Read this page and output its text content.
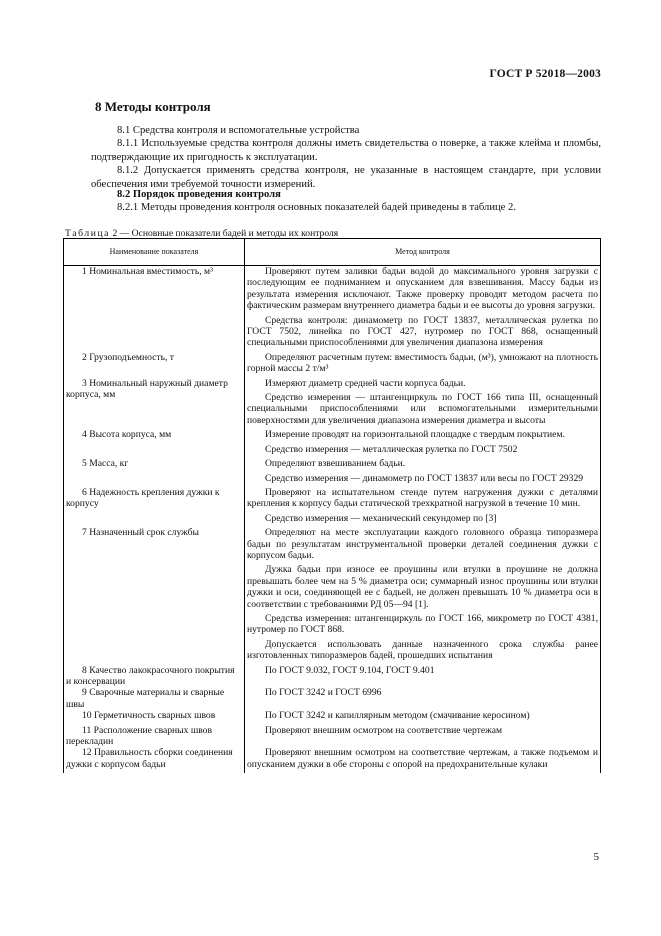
ГОСТ Р 52018—2003
8 Методы контроля
8.1 Средства контроля и вспомогательные устройства
8.1.1 Используемые средства контроля должны иметь свидетельства о поверке, а также клейма и пломбы, подтверждающие их пригодность к эксплуатации.
8.1.2 Допускается применять средства контроля, не указанные в настоящем стандарте, при условии обеспечения ими требуемой точности измерений.
8.2 Порядок проведения контроля
8.2.1 Методы проведения контроля основных показателей бадей приведены в таблице 2.
Таблица 2 — Основные показатели бадей и методы их контроля
Наименование показателя	Метод контроля

1 Номинальная вместимость, м³	Проверяют путем заливки бадьи водой до максимального уровня загрузки с последующим ее подниманием и опусканием для взвешивания. Массу бадьи из результата измерения исключают. Также проверку проводят методом расчета по фактическим размерам внутреннего диаметра бадьи и ее высоты до уровня загрузки.
Средства контроля: динамометр по ГОСТ 13837, металлическая рулетка по ГОСТ 7502, линейка по ГОСТ 427, нутромер по ГОСТ 868, оснащенный специальными приспособлениями для увеличения диапазона измерения

2 Грузоподъемность, т	Определяют расчетным путем: вместимость бадьи, (м³), умножают на плотность горной массы 2 т/м³

3 Номинальный наружный диаметр корпуса, мм	Измеряют диаметр средней части корпуса бадьи.
Средство измерения — штангенциркуль по ГОСТ 166 типа III, оснащенный специальными приспособлениями или вспомогательными измерительными поверхностями для увеличения диапазона измерения диаметра и высоты

4 Высота корпуса, мм	Измерение проводят на горизонтальной площадке с твердым покрытием.
Средство измерения — металлическая рулетка по ГОСТ 7502

5 Масса, кг	Определяют взвешиванием бадьи.
Средство измерения — динамометр по ГОСТ 13837 или весы по ГОСТ 29329

6 Надежность крепления дужки к корпусу	Проверяют на испытательном стенде путем нагружения дужки с деталями крепления к корпусу бадьи статической трехкратной нагрузкой в течение 10 мин.
Средство измерения — механический секундомер по [3]

7 Назначенный срок службы	Определяют на месте эксплуатации каждого головного образца типоразмера бадьи по результатам инструментальной проверки деталей соединения дужки с корпусом бадьи.
Дужка бадьи при износе ее проушины или втулки в проушине не должна превышать более чем на 5 % диаметра оси; суммарный износ проушины или втулки дужки и оси, соединяющей ее с бадьей, не должен превышать 10 % диаметра оси в соответствии с требованиями РД 05—94 [1].
Средства измерения: штангенциркуль по ГОСТ 166, микрометр по ГОСТ 4381, нутромер по ГОСТ 868.
Допускается использовать данные назначенного срока службы ранее изготовленных типоразмеров бадей, прошедших испытания

8 Качество лакокрасочного покрытия и консервации	По ГОСТ 9.032, ГОСТ 9.104, ГОСТ 9.401

9 Сварочные материалы и сварные швы	По ГОСТ 3242 и ГОСТ 6996

10 Герметичность сварных швов	По ГОСТ 3242 и капиллярным методом (смачивание керосином)

11 Расположение сварных швов перекладин	Проверяют внешним осмотром на соответствие чертежам

12 Правильность сборки соединения дужки с корпусом бадьи	Проверяют внешним осмотром на соответствие чертежам, а также подъемом и опусканием дужки в обе стороны с опорой на предохранительные кулаки
5
